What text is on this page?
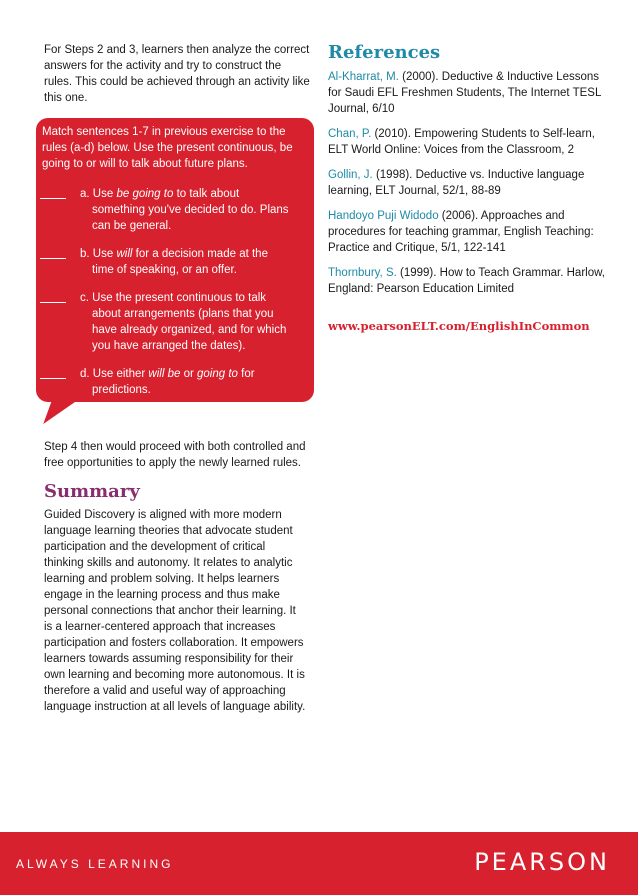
For Steps 2 and 3, learners then analyze the correct answers for the activity and try to construct the rules. This could be achieved through an activity like this one.

Match sentences 1-7 in previous exercise to the rules (a-d) below. Use the present continuous, be going to or will to talk about future plans.

a. Use be going to to talk about
something you've decided to do. Plans
can be general.
b. Use will for a decision made at the
time of speaking, or an offer.
c. Use the present continuous to talk
about arrangements (plans that you
have already organized, and for which
you have arranged the dates).
d. Use either will be or going to for
predictions.

Step 4 then would proceed with both controlled and free opportunities to apply the newly learned rules.

Summary

Guided Discovery is aligned with more modern language learning theories that advocate student participation and the development of critical thinking skills and autonomy. It relates to analytic learning and problem solving. It helps learners engage in the learning process and thus make personal connections that anchor their learning. It is a learner-centered approach that increases participation and fosters collaboration. It empowers learners towards assuming responsibility for their own learning and becoming more autonomous. It is therefore a valid and useful way of approaching language instruction at all levels of language ability.

References

Al-Kharrat, M. (2000). Deductive & Inductive Lessons for Saudi EFL Freshmen Students, The Internet TESL Journal, 6/10

Chan, P. (2010). Empowering Students to Self-learn, ELT World Online: Voices from the Classroom, 2

Gollin, J. (1998). Deductive vs. Inductive language learning, ELT Journal, 52/1, 88-89

Handoyo Puji Widodo (2006). Approaches and procedures for teaching grammar, English Teaching: Practice and Critique, 5/1, 122-141

Thornbury, S. (1999). How to Teach Grammar. Harlow, England: Pearson Education Limited

www.pearsonELT.com/EnglishInCommon
ALWAYS LEARNING	PEARSON
